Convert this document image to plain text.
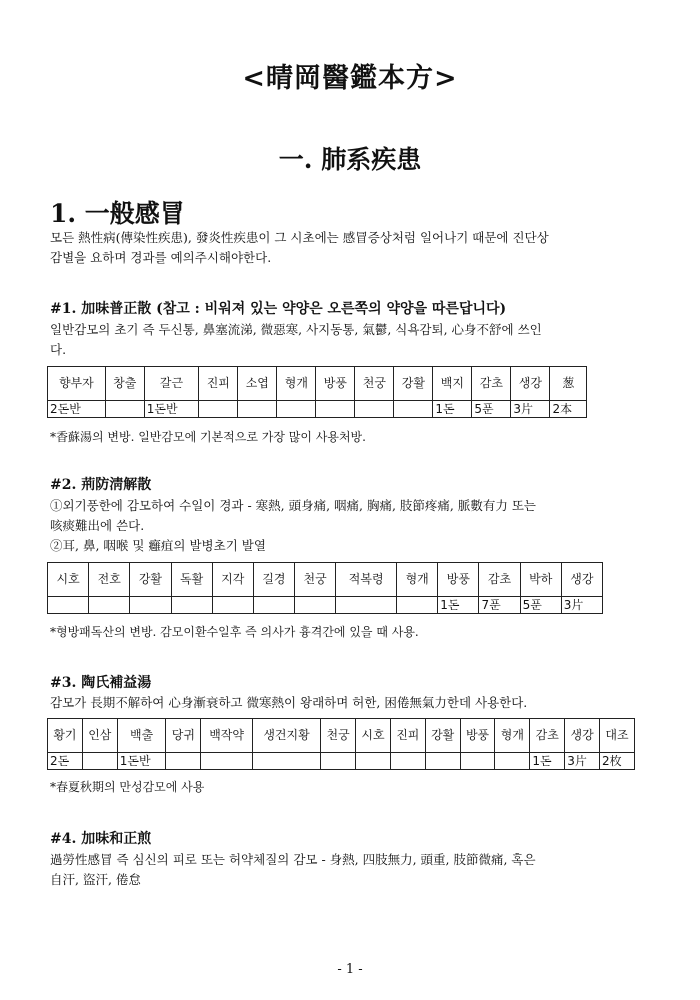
<晴岡醫鑑本方>
一. 肺系疾患
1. 一般感冒
모든 熱性病(傳染性疾患), 發炎性疾患이 그 시초에는 感冒증상처럼 일어나기 때문에 진단상
감별을 요하며 경과를 예의주시해야한다.
#1. 加味普正散 (참고 : 비워져 있는 약양은 오른쪽의 약양을 따른답니다)
일반감모의 초기 즉 두신통, 鼻塞流涕, 微惡寒, 사지동통, 氣鬱, 식욕감퇴, 心身不舒에 쓰인
다.
향부자	창출	갈근	진피	소엽	형개	방풍	천궁	강활	백지	감초	생강	葱
2돈반		1돈반							1돈	5푼	3片	2本
*香蘇湯의 변방. 일반감모에 기본적으로 가장 많이 사용처방.
#2. 荊防淸解散
①외기풍한에 감모하여 수일이 경과 - 寒熱, 頭身痛, 咽痛, 胸痛, 肢節疼痛, 脈數有力 또는
咳痰難出에 쓴다.
②耳, 鼻, 咽喉 및 癰疽의 발병초기 발열
시호	전호	강활	독활	지각	길경	천궁	적복령	형개	방풍	감초	박하	생강
									1돈	7푼	5푼	3片
*형방패독산의 변방. 감모이환수일후 즉 의사가 흉격간에 있을 때 사용.
#3. 陶氏補益湯
감모가 長期不解하여 心身漸衰하고 微寒熱이 왕래하며 허한, 困倦無氣力한데 사용한다.
황기	인삼	백출	당귀	백작약	생건지황	천궁	시호	진피	강활	방풍	형개	감초	생강	대조
2돈		1돈반										1돈	3片	2枚
*春夏秋期의 만성감모에 사용
#4. 加味和正煎
過勞性感冒 즉 심신의 피로 또는 허약체질의 감모 - 身熱, 四肢無力, 頭重, 肢節微痛, 혹은
自汗, 盜汗, 倦怠
- 1 -
